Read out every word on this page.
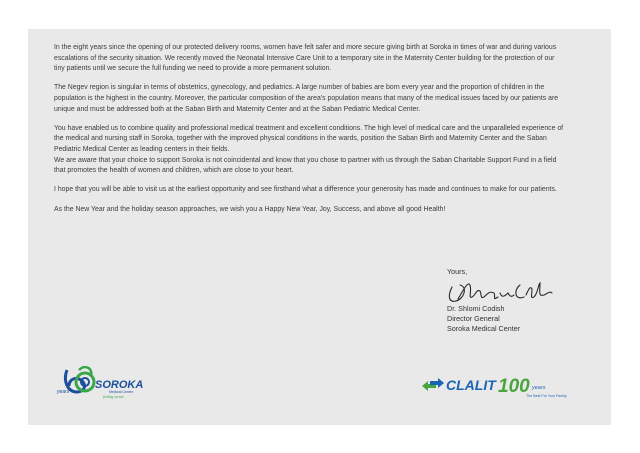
In the eight years since the opening of our protected delivery rooms, women have felt safer and more secure giving birth at Soroka in times of war and during various escalations of the security situation. We recently moved the Neonatal Intensive Care Unit to a temporary site in the Maternity Center building for the protection of our tiny patients until we secure the full funding we need to provide a more permanent solution.

The Negev region is singular in terms of obstetrics, gynecology, and pediatrics. A large number of babies are born every year and the proportion of children in the population is the highest in the country. Moreover, the particular composition of the area's population means that many of the medical issues faced by our patients are unique and must be addressed both at the Saban Birth and Maternity Center and at the Saban Pediatric Medical Center.

You have enabled us to combine quality and professional medical treatment and excellent conditions. The high level of medical care and the unparalleled experience of the medical and nursing staff in Soroka, together with the improved physical conditions in the wards, position the Saban Birth and Maternity Center and the Saban Pediatric Medical Center as leading centers in their fields.

We are aware that your choice to support Soroka is not coincidental and know that you chose to partner with us through the Saban Charitable Support Fund in a field that promotes the health of women and children, which are close to your heart.

I hope that you will be able to visit us at the earliest opportunity and see firsthand what a difference your generosity has made and continues to make for our patients.

As the New Year and the holiday season approaches, we wish you a Happy New Year, Joy, Success, and above all good Health!

Yours,
Dr. Shlomi Codish
Director General
Soroka Medical Center
years
SOROKA
Medical Center
feeling secure
CLALIT 100 years
The Best For Your Family
